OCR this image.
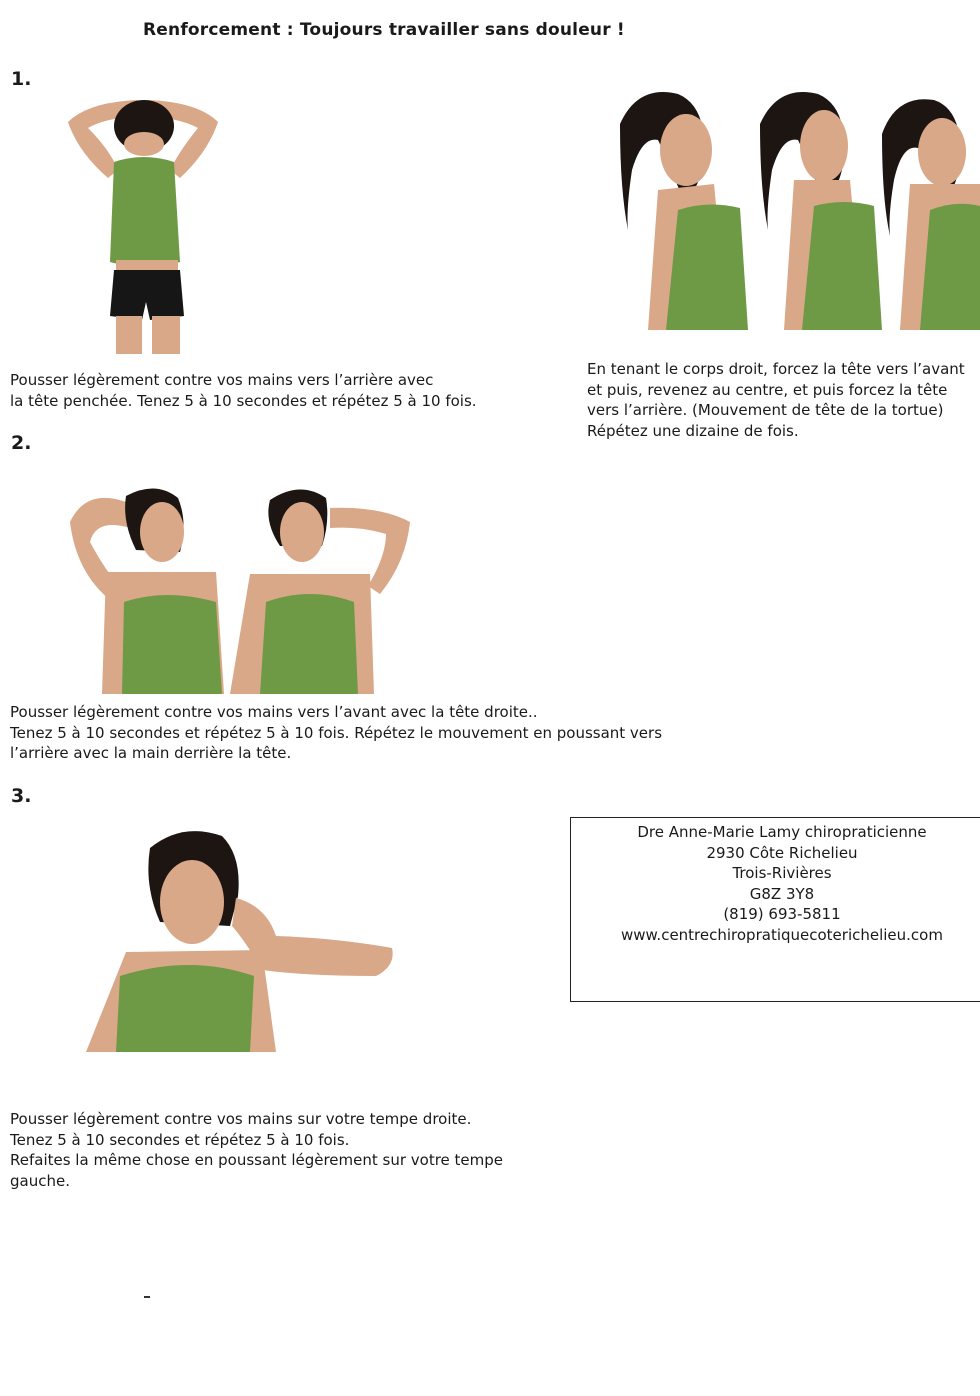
Renforcement : Toujours travailler sans douleur !
1.
Pousser légèrement contre vos mains vers l’arrière avec
la tête penchée. Tenez 5 à 10 secondes et répétez 5 à 10 fois.
En tenant le corps droit, forcez la tête vers l’avant
et puis, revenez au centre, et puis forcez la tête
vers l’arrière. (Mouvement de tête de la tortue)
Répétez une dizaine de fois.
2.
Pousser légèrement contre vos mains vers l’avant avec la tête droite..
Tenez 5 à 10 secondes et répétez 5 à 10 fois. Répétez le mouvement en poussant vers
l’arrière avec la main derrière la tête.
3.
Dre Anne-Marie Lamy chiropraticienne
2930 Côte Richelieu
Trois-Rivières
G8Z 3Y8
(819) 693-5811
www.centrechiropratiquecoterichelieu.com
Pousser légèrement contre vos mains sur votre tempe droite.
Tenez 5 à 10 secondes et répétez 5 à 10 fois.
Refaites la même chose en poussant légèrement sur votre tempe
gauche.
